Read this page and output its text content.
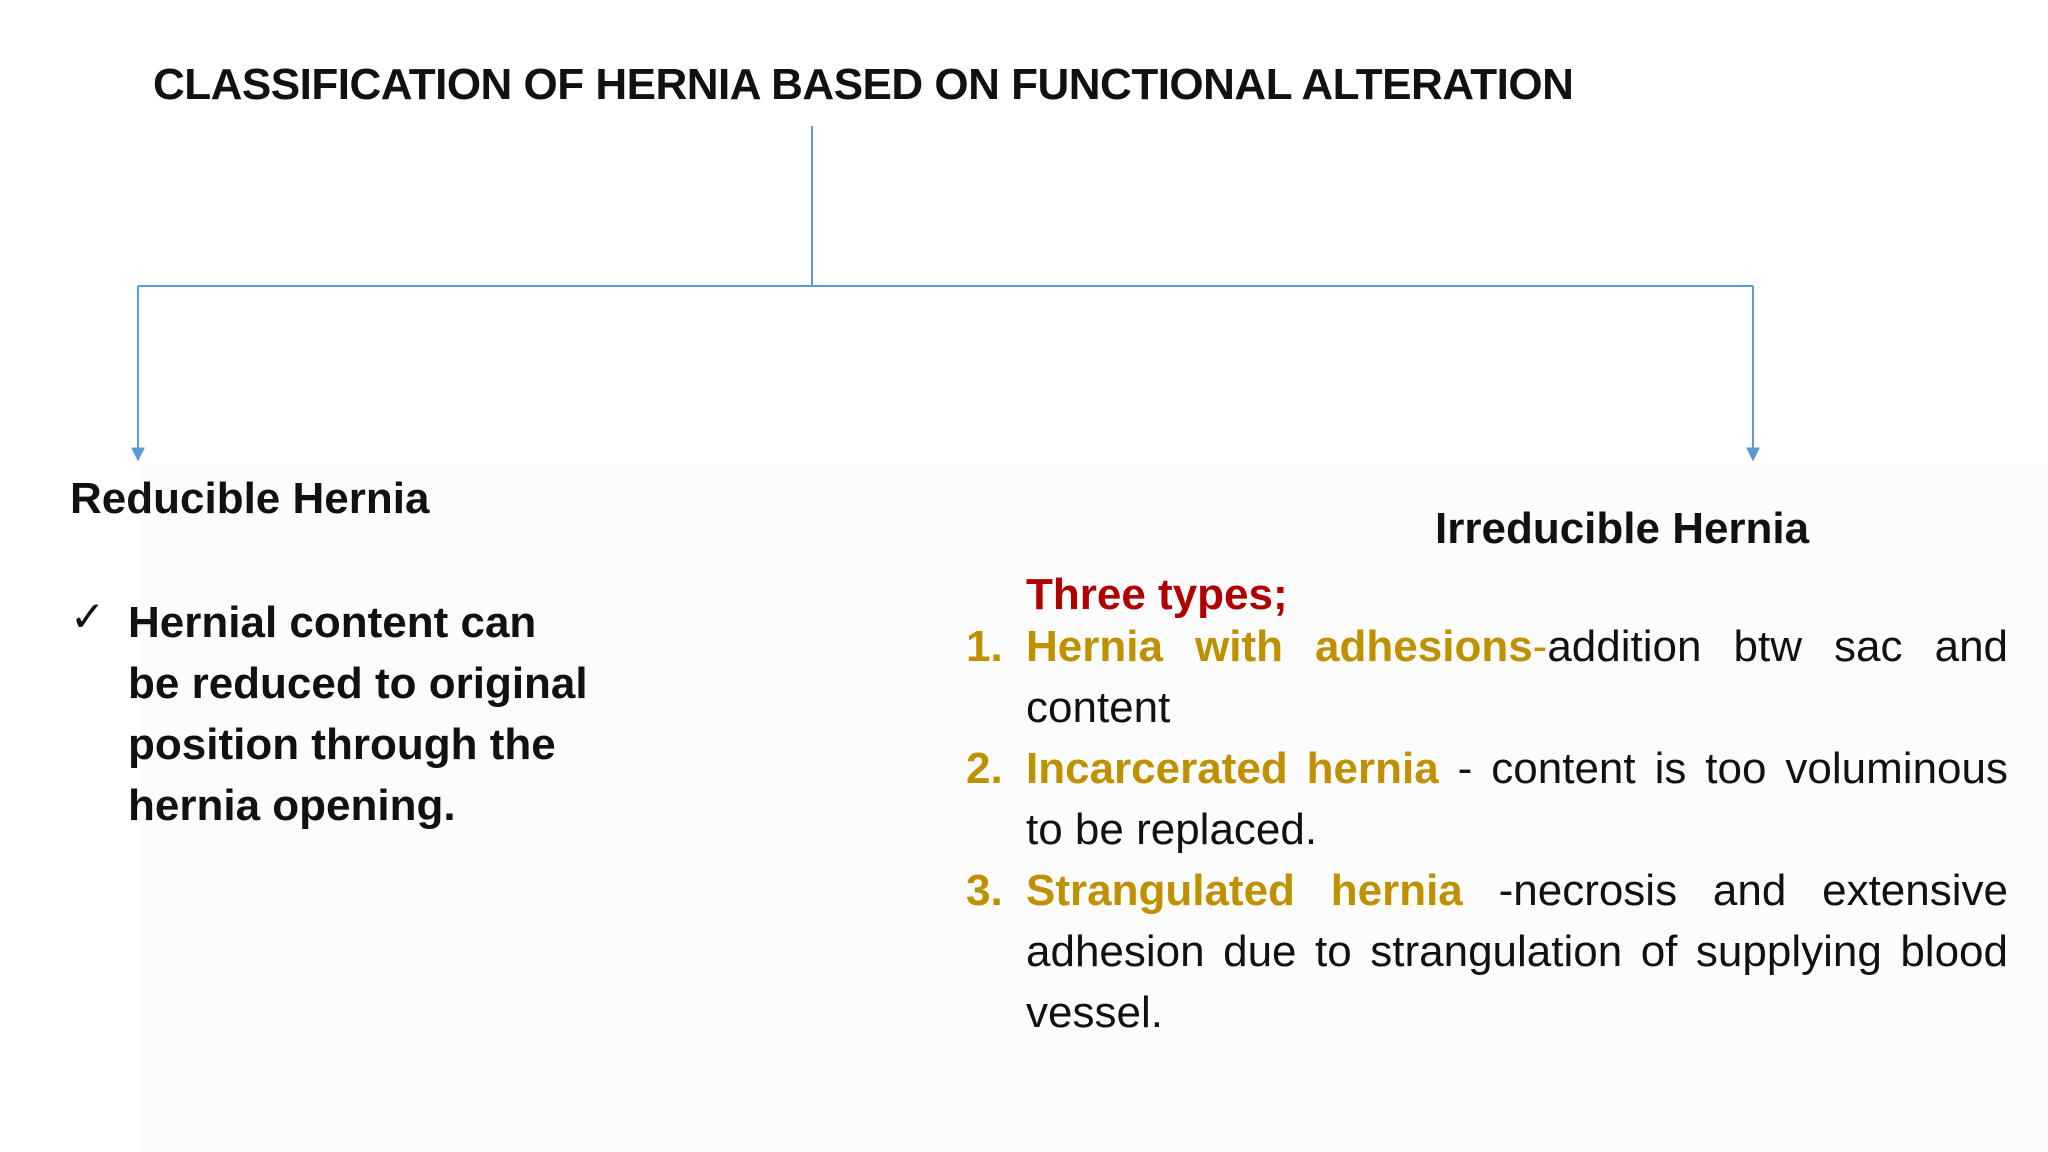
CLASSIFICATION OF HERNIA BASED ON FUNCTIONAL ALTERATION
Reducible Hernia
✓ Hernial content can be reduced to original position through the hernia opening.
Irreducible Hernia
Three types;
1. Hernia with adhesions-addition btw sac and content
2. Incarcerated hernia - content is too voluminous to be replaced.
3. Strangulated hernia -necrosis and extensive adhesion due to strangulation of supplying blood vessel.
